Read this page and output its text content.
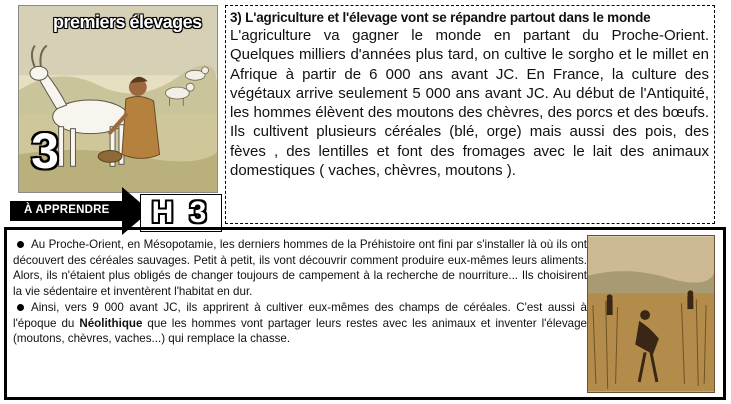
premiers élevages
3
3) L'agriculture et l'élevage vont se répandre partout dans le monde

L'agriculture va gagner le monde en partant du Proche-Orient. Quelques milliers d'années plus tard, on cultive le sorgho et le millet en Afrique à partir de 6 000 ans avant JC. En France, la culture des végétaux arrive seulement 5 000 ans avant JC. Au début de l'Antiquité, les hommes élèvent des moutons des chèvres, des porcs et des bœufs. Ils cultivent plusieurs céréales (blé, orge) mais aussi des pois, des fèves , des lentilles et font des fromages avec le lait des animaux domestiques ( vaches, chèvres, moutons ).

À APPRENDRE	H 3

Au Proche-Orient, en Mésopotamie, les derniers hommes de la Préhistoire ont fini par s'installer là où ils ont découvert des céréales sauvages. Petit à petit, ils vont découvrir comment produire eux-mêmes leurs aliments. Alors, ils n'étaient plus obligés de changer toujours de campement à la recherche de nourriture... Ils choisirent la vie sédentaire et inventèrent l'habitat en dur.

Ainsi, vers 9 000 avant JC, ils apprirent à cultiver eux-mêmes des champs de céréales. C'est aussi à l'époque du Néolithique que les hommes vont partager leurs restes avec les animaux et inventer l'élevage (moutons, chèvres, vaches...) qui remplace la chasse.
